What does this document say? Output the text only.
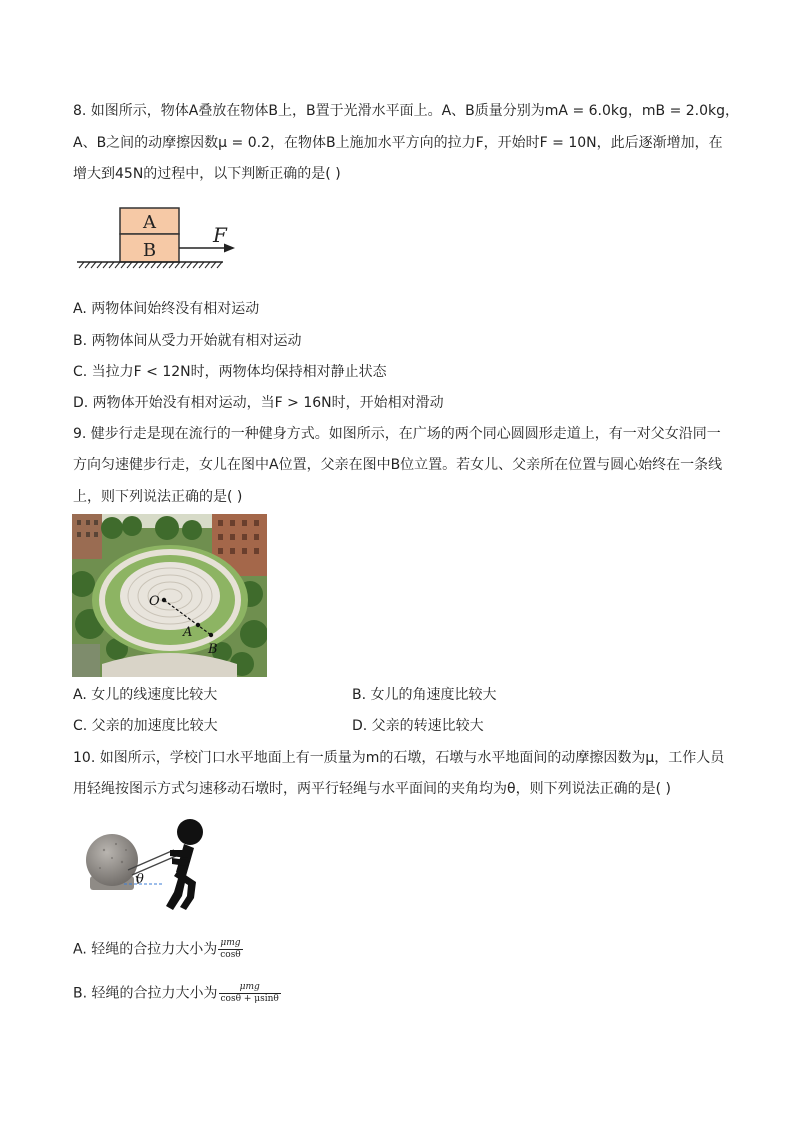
8. 如图所示，物体A叠放在物体B上，B置于光滑水平面上。A、B质量分别为mA = 6.0kg，mB = 2.0kg，
A、B之间的动摩擦因数μ = 0.2，在物体B上施加水平方向的拉力F，开始时F = 10N，此后逐渐增加，在
增大到45N的过程中，以下判断正确的是( )
A
B
F
A. 两物体间始终没有相对运动
B. 两物体间从受力开始就有相对运动
C. 当拉力F < 12N时，两物体均保持相对静止状态
D. 两物体开始没有相对运动，当F > 16N时，开始相对滑动
9. 健步行走是现在流行的一种健身方式。如图所示，在广场的两个同心圆圆形走道上，有一对父女沿同一
方向匀速健步行走，女儿在图中A位置，父亲在图中B位立置。若女儿、父亲所在位置与圆心始终在一条线
上，则下列说法正确的是( )
O
A
B
A. 女儿的线速度比较大	B. 女儿的角速度比较大
C. 父亲的加速度比较大	D. 父亲的转速比较大
10. 如图所示，学校门口水平地面上有一质量为m的石墩，石墩与水平地面间的动摩擦因数为μ，工作人员
用轻绳按图示方式匀速移动石墩时，两平行轻绳与水平面间的夹角均为θ，则下列说法正确的是( )
θ
A. 轻绳的合拉力大小为 $\frac{\text{μmg}}{\cos\theta}$
B. 轻绳的合拉力大小为 $\frac{\text{μmg}}{\cos\theta + \mu\sin\theta}$
